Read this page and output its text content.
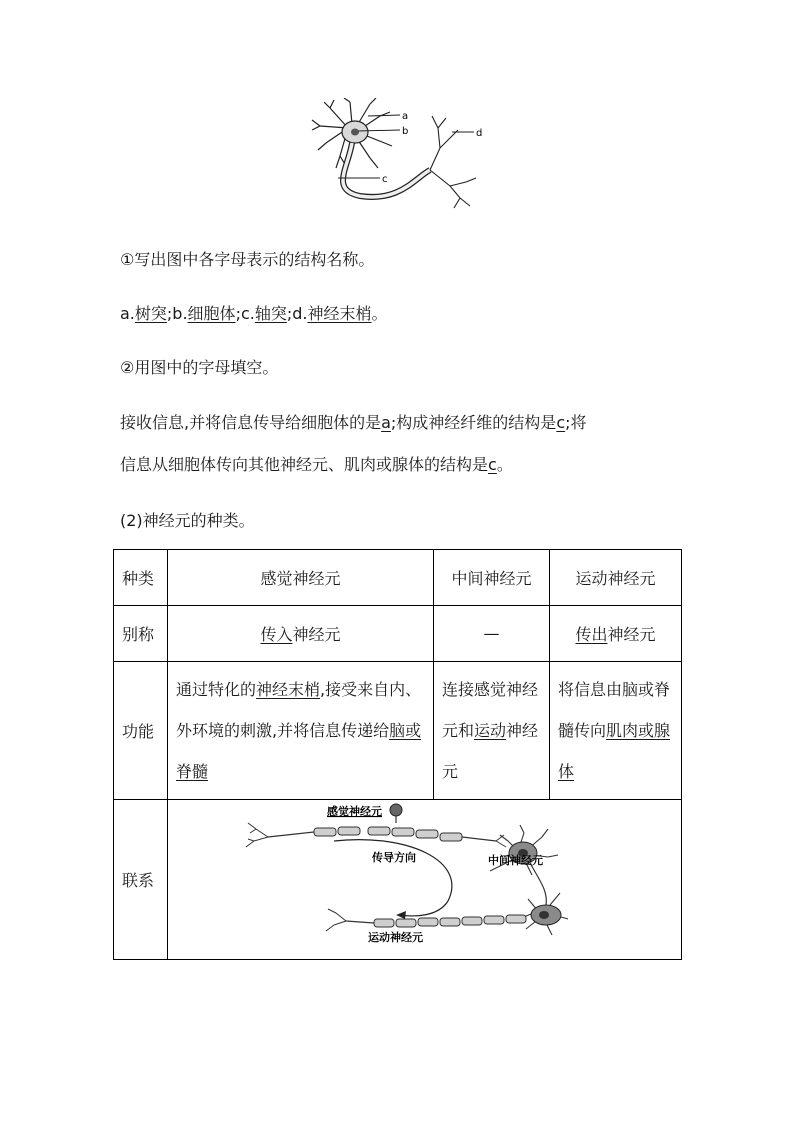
a
b
c
d
①写出图中各字母表示的结构名称。
a.树突;b.细胞体;c.轴突;d.神经末梢。
②用图中的字母填空。
接收信息,并将信息传导给细胞体的是a;构成神经纤维的结构是c;将
信息从细胞体传向其他神经元、肌肉或腺体的结构是c。
(2)神经元的种类。
种类	感觉神经元	中间神经元	运动神经元
别称	传入神经元	—	传出神经元
功能	通过特化的神经末梢,接受来自内、外环境的刺激,并将信息传递给脑或脊髓	连接感觉神经元和运动神经元	将信息由脑或脊髓传向肌肉或腺体
联系	感觉神经元
传导方向 中间神经元
运动神经元		
